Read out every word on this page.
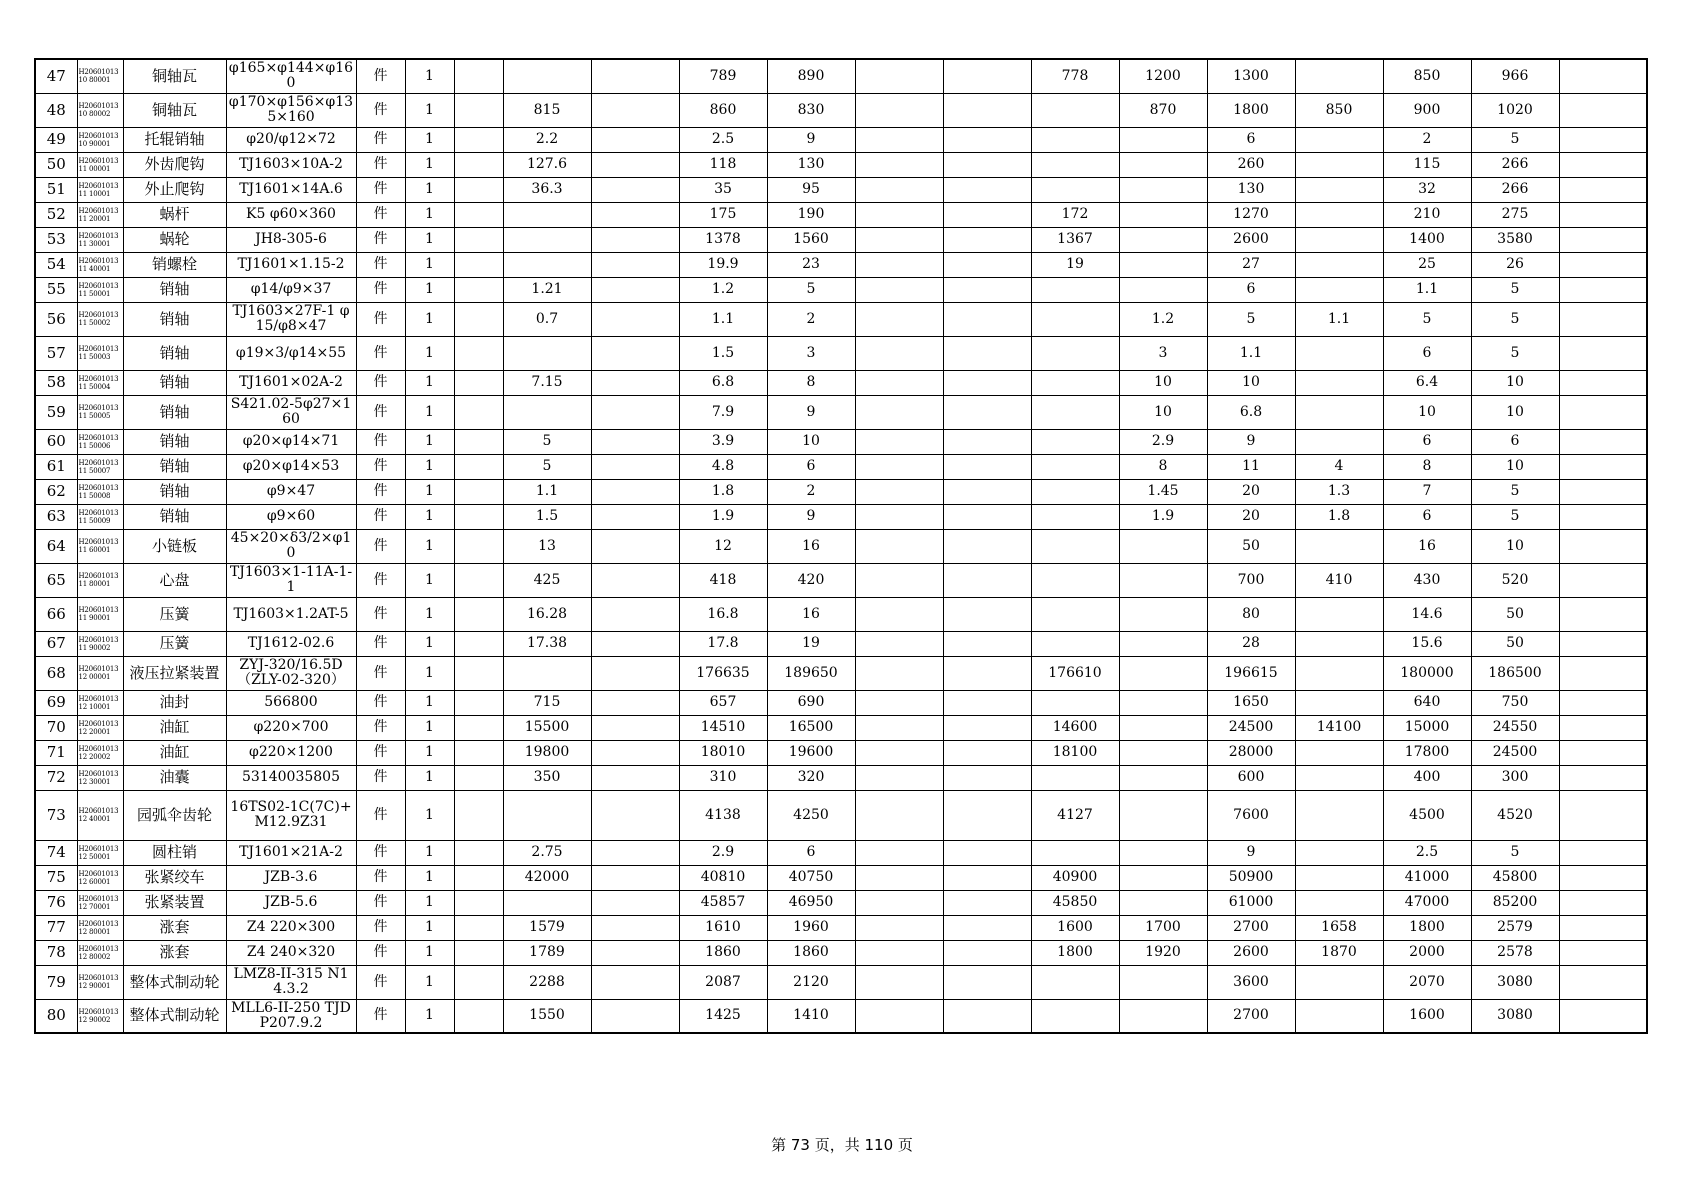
47	H2060101310 80001	铜轴瓦	φ165×φ144×φ160	件	1				789	890			778	1200	1300		850	966	
48	H2060101310 80002	铜轴瓦	φ170×φ156×φ135×160	件	1		815		860	830				870	1800	850	900	1020	
49	H2060101310 90001	托辊销轴	φ20/φ12×72	件	1		2.2		2.5	9					6		2	5	
50	H2060101311 00001	外齿爬钩	TJ1603×10A-2	件	1		127.6		118	130					260		115	266	
51	H2060101311 10001	外止爬钩	TJ1601×14A.6	件	1		36.3		35	95					130		32	266	
52	H2060101311 20001	蜗杆	K5 φ60×360	件	1				175	190			172		1270		210	275	
53	H2060101311 30001	蜗轮	JH8-305-6	件	1				1378	1560			1367		2600		1400	3580	
54	H2060101311 40001	销螺栓	TJ1601×1.15-2	件	1				19.9	23			19		27		25	26	
55	H2060101311 50001	销轴	φ14/φ9×37	件	1		1.21		1.2	5					6		1.1	5	
56	H2060101311 50002	销轴	TJ1603×27F-1 φ15/φ8×47	件	1		0.7		1.1	2				1.2	5	1.1	5	5	
57	H2060101311 50003	销轴	φ19×3/φ14×55	件	1				1.5	3				3	1.1		6	5	
58	H2060101311 50004	销轴	TJ1601×02A-2	件	1		7.15		6.8	8				10	10		6.4	10	
59	H2060101311 50005	销轴	S421.02-5φ27×160	件	1				7.9	9				10	6.8		10	10	
60	H2060101311 50006	销轴	φ20×φ14×71	件	1		5		3.9	10				2.9	9		6	6	
61	H2060101311 50007	销轴	φ20×φ14×53	件	1		5		4.8	6				8	11	4	8	10	
62	H2060101311 50008	销轴	φ9×47	件	1		1.1		1.8	2				1.45	20	1.3	7	5	
63	H2060101311 50009	销轴	φ9×60	件	1		1.5		1.9	9				1.9	20	1.8	6	5	
64	H2060101311 60001	小链板	45×20×δ3/2×φ10	件	1		13		12	16					50		16	10	
65	H2060101311 80001	心盘	TJ1603×1-11A-1-1	件	1		425		418	420					700	410	430	520	
66	H2060101311 90001	压簧	TJ1603×1.2AT-5	件	1		16.28		16.8	16					80		14.6	50	
67	H2060101311 90002	压簧	TJ1612-02.6	件	1		17.38		17.8	19					28		15.6	50	
68	H2060101312 00001	液压拉紧装置	ZYJ-320/16.5D（ZLY-02-320）	件	1				176635	189650			176610		196615		180000	186500	
69	H2060101312 10001	油封	566800	件	1		715		657	690					1650		640	750	
70	H2060101312 20001	油缸	φ220×700	件	1		15500		14510	16500			14600		24500	14100	15000	24550	
71	H2060101312 20002	油缸	φ220×1200	件	1		19800		18010	19600			18100		28000		17800	24500	
72	H2060101312 30001	油囊	53140035805	件	1		350		310	320					600		400	300	
73	H2060101312 40001	园弧伞齿轮	16TS02-1C(7C)+M12.9Z31	件	1				4138	4250			4127		7600		4500	4520	
74	H2060101312 50001	圆柱销	TJ1601×21A-2	件	1		2.75		2.9	6					9		2.5	5	
75	H2060101312 60001	张紧绞车	JZB-3.6	件	1		42000		40810	40750			40900		50900		41000	45800	
76	H2060101312 70001	张紧装置	JZB-5.6	件	1				45857	46950			45850		61000		47000	85200	
77	H2060101312 80001	涨套	Z4 220×300	件	1		1579		1610	1960			1600	1700	2700	1658	1800	2579	
78	H2060101312 80002	涨套	Z4 240×320	件	1		1789		1860	1860			1800	1920	2600	1870	2000	2578	
79	H2060101312 90001	整体式制动轮	LMZ8-II-315 N14.3.2	件	1		2288		2087	2120					3600		2070	3080	
80	H2060101312 90002	整体式制动轮	MLL6-II-250 TJDP207.9.2	件	1		1550		1425	1410					2700		1600	3080	
第 73 页，共 110 页
